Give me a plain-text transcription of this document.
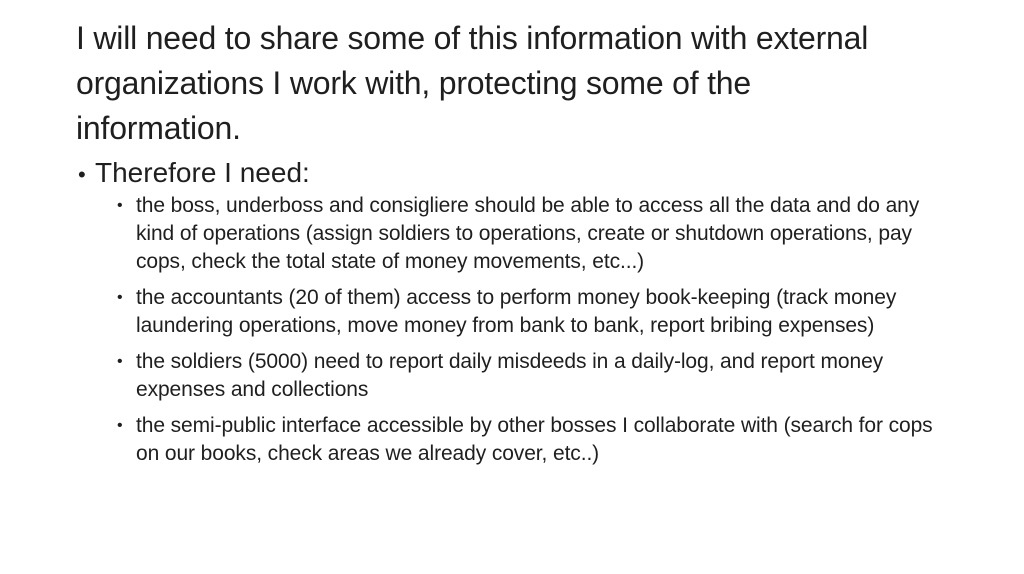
I will need to share some of this information with external organizations I work with, protecting some of the information.
• Therefore I need:
• the boss, underboss and consigliere should be able to access all the data and do any kind of operations (assign soldiers to operations, create or shutdown operations, pay cops, check the total state of money movements, etc...)
• the accountants (20 of them) access to perform money book-keeping (track money laundering operations, move money from bank to bank, report bribing expenses)
• the soldiers (5000) need to report daily misdeeds in a daily-log, and report money expenses and collections
• the semi-public interface accessible by other bosses I collaborate with (search for cops on our books, check areas we already cover, etc..)
